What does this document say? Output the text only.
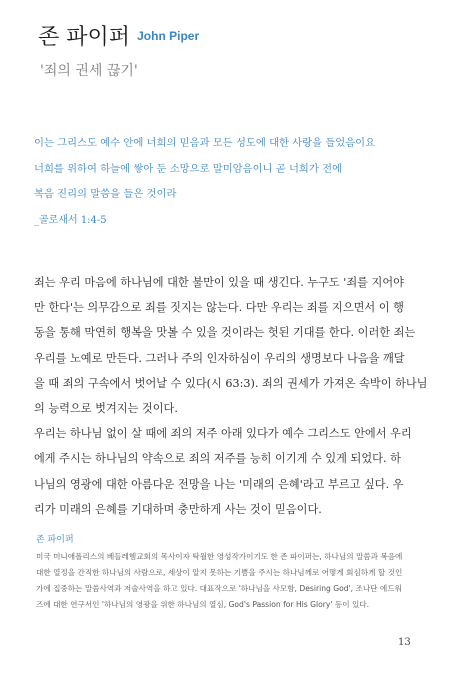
존 파이퍼 John Piper
'죄의 권세 끊기'
이는 그리스도 예수 안에 너희의 믿음과 모든 성도에 대한 사랑을 들었음이요
너희를 위하여 하늘에 쌓아 둔 소망으로 말미암음이니 곧 너희가 전에
복음 진리의 말씀을 들은 것이라
_골로새서 1:4-5
죄는 우리 마음에 하나님에 대한 불만이 있을 때 생긴다. 누구도 '죄를 지어야
만 한다'는 의무감으로 죄를 짓지는 않는다. 다만 우리는 죄를 지으면서 이 행
동을 통해 막연히 행복을 맛볼 수 있을 것이라는 헛된 기대를 한다. 이러한 죄는
우리를 노예로 만든다. 그러나 주의 인자하심이 우리의 생명보다 나음을 깨달
을 때 죄의 구속에서 벗어날 수 있다(시 63:3). 죄의 권세가 가져온 속박이 하나님
의 능력으로 벗겨지는 것이다.
우리는 하나님 없이 살 때에 죄의 저주 아래 있다가 예수 그리스도 안에서 우리
에게 주시는 하나님의 약속으로 죄의 저주를 능히 이기게 수 있게 되었다. 하
나님의 영광에 대한 아름다운 전망을 나는 '미래의 은혜'라고 부르고 싶다. 우
리가 미래의 은혜를 기대하며 충만하게 사는 것이 믿음이다.
존 파이퍼
미국 미니애폴리스의 베들레헴교회의 목사이자 탁월한 영성작가이기도 한 존 파이퍼는, 하나님의 말씀과 복음에
대한 열정을 간직한 하나님의 사람으로, 세상이 알지 못하는 기쁨을 주시는 하나님께로 어떻게 회심하게 할 것인
가에 집중하는 말씀사역과 저술사역을 하고 있다. 대표작으로 '하나님을 사모함, Desiring God', 조나단 에드워
즈에 대한 연구서인 '하나님의 영광을 위한 하나님의 열심, God's Passion for His Glory' 등이 있다.
13
